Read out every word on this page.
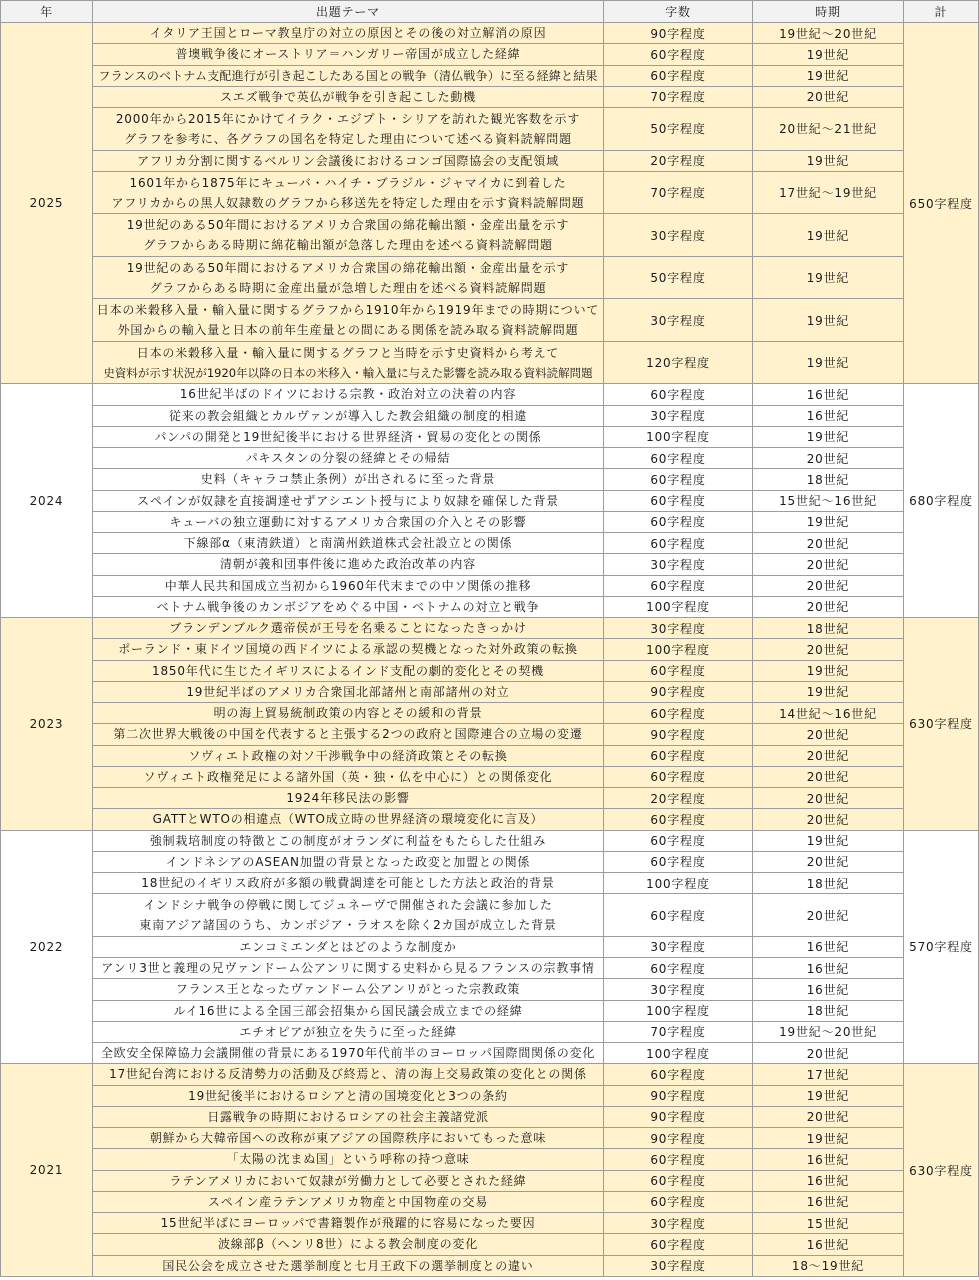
年	出題テーマ	字数	時期	計
2025	イタリア王国とローマ教皇庁の対立の原因とその後の対立解消の原因	90字程度	19世紀～20世紀	650字程度

	普墺戦争後にオーストリア＝ハンガリー帝国が成立した経緯	60字程度	19世紀	

	フランスのベトナム支配進行が引き起こしたある国との戦争（清仏戦争）に至る経緯と結果	60字程度	19世紀	

	スエズ戦争で英仏が戦争を引き起こした動機	70字程度	20世紀	

	2000年から2015年にかけてイラク・エジプト・シリアを訪れた観光客数を示す
グラフを参考に、各グラフの国名を特定した理由について述べる資料読解問題	50字程度	20世紀～21世紀	

	アフリカ分割に関するベルリン会議後におけるコンゴ国際協会の支配領域	20字程度	19世紀	

	1601年から1875年にキューバ・ハイチ・ブラジル・ジャマイカに到着した
アフリカからの黒人奴隷数のグラフから移送先を特定した理由を示す資料読解問題	70字程度	17世紀～19世紀	

	19世紀のある50年間におけるアメリカ合衆国の綿花輸出額・金産出量を示す
グラフからある時期に綿花輸出額が急落した理由を述べる資料読解問題	30字程度	19世紀	

	19世紀のある50年間におけるアメリカ合衆国の綿花輸出額・金産出量を示す
グラフからある時期に金産出量が急増した理由を述べる資料読解問題	50字程度	19世紀	

	日本の米穀移入量・輸入量に関するグラフから1910年から1919年までの時期について
外国からの輸入量と日本の前年生産量との間にある関係を読み取る資料読解問題	30字程度	19世紀	

	日本の米穀移入量・輸入量に関するグラフと当時を示す史資料から考えて
史資料が示す状況が1920年以降の日本の米移入・輸入量に与えた影響を読み取る資料読解問題	120字程度	19世紀	
2024	16世紀半ばのドイツにおける宗教・政治対立の決着の内容	60字程度	16世紀	680字程度

	従来の教会組織とカルヴァンが導入した教会組織の制度的相違	30字程度	16世紀	

	パンパの開発と19世紀後半における世界経済・貿易の変化との関係	100字程度	19世紀	

	パキスタンの分裂の経緯とその帰結	60字程度	20世紀	

	史料（キャラコ禁止条例）が出されるに至った背景	60字程度	18世紀	

	スペインが奴隷を直接調達せずアシエント授与により奴隷を確保した背景	60字程度	15世紀～16世紀	

	キューバの独立運動に対するアメリカ合衆国の介入とその影響	60字程度	19世紀	

	下線部α（東清鉄道）と南満州鉄道株式会社設立との関係	60字程度	20世紀	

	清朝が義和団事件後に進めた政治改革の内容	30字程度	20世紀	

	中華人民共和国成立当初から1960年代末までの中ソ関係の推移	60字程度	20世紀	

	ベトナム戦争後のカンボジアをめぐる中国・ベトナムの対立と戦争	100字程度	20世紀	
2023	ブランデンブルク選帝侯が王号を名乗ることになったきっかけ	30字程度	18世紀	630字程度

	ポーランド・東ドイツ国境の西ドイツによる承認の契機となった対外政策の転換	100字程度	20世紀	

	1850年代に生じたイギリスによるインド支配の劇的変化とその契機	60字程度	19世紀	

	19世紀半ばのアメリカ合衆国北部諸州と南部諸州の対立	90字程度	19世紀	

	明の海上貿易統制政策の内容とその緩和の背景	60字程度	14世紀～16世紀	

	第二次世界大戦後の中国を代表すると主張する2つの政府と国際連合の立場の変遷	90字程度	20世紀	

	ソヴィエト政権の対ソ干渉戦争中の経済政策とその転換	60字程度	20世紀	

	ソヴィエト政権発足による諸外国（英・独・仏を中心に）との関係変化	60字程度	20世紀	

	1924年移民法の影響	20字程度	20世紀	

	GATTとWTOの相違点（WTO成立時の世界経済の環境変化に言及）	60字程度	20世紀	
2022	強制栽培制度の特徴とこの制度がオランダに利益をもたらした仕組み	60字程度	19世紀	570字程度

	インドネシアのASEAN加盟の背景となった政変と加盟との関係	60字程度	20世紀	

	18世紀のイギリス政府が多額の戦費調達を可能とした方法と政治的背景	100字程度	18世紀	

	インドシナ戦争の停戦に関してジュネーヴで開催された会議に参加した
東南アジア諸国のうち、カンボジア・ラオスを除く2カ国が成立した背景	60字程度	20世紀	

	エンコミエンダとはどのような制度か	30字程度	16世紀	

	アンリ3世と義理の兄ヴァンドーム公アンリに関する史料から見るフランスの宗教事情	60字程度	16世紀	

	フランス王となったヴァンドーム公アンリがとった宗教政策	30字程度	16世紀	

	ルイ16世による全国三部会招集から国民議会成立までの経緯	100字程度	18世紀	

	エチオピアが独立を失うに至った経緯	70字程度	19世紀～20世紀	

	全欧安全保障協力会議開催の背景にある1970年代前半のヨーロッパ国際間関係の変化	100字程度	20世紀	
2021	17世紀台湾における反清勢力の活動及び終焉と、清の海上交易政策の変化との関係	60字程度	17世紀	630字程度

	19世紀後半におけるロシアと清の国境変化と3つの条約	90字程度	19世紀	

	日露戦争の時期におけるロシアの社会主義諸党派	90字程度	20世紀	

	朝鮮から大韓帝国への改称が東アジアの国際秩序においてもった意味	90字程度	19世紀	

	「太陽の沈まぬ国」という呼称の持つ意味	60字程度	16世紀	

	ラテンアメリカにおいて奴隷が労働力として必要とされた経緯	60字程度	16世紀	

	スペイン産ラテンアメリカ物産と中国物産の交易	60字程度	16世紀	

	15世紀半ばにヨーロッパで書籍製作が飛躍的に容易になった要因	30字程度	15世紀	

	波線部β（ヘンリ8世）による教会制度の変化	60字程度	16世紀	

	国民公会を成立させた選挙制度と七月王政下の選挙制度との違い	30字程度	18～19世紀	
